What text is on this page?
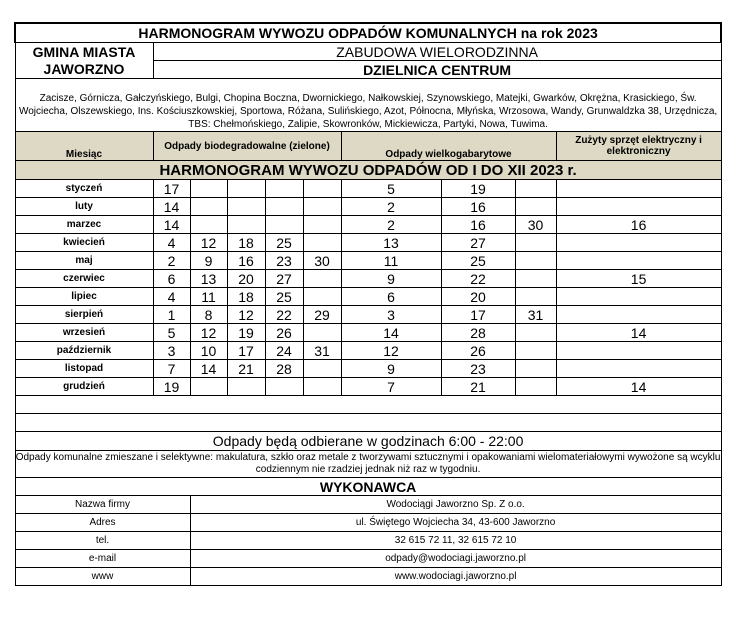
HARMONOGRAM WYWOZU ODPADÓW KOMUNALNYCH na rok 2023									

GMINA MIASTA
JAWORZNO	ZABUDOWA WIELORODZINNA								
	DZIELNICA CENTRUM								
Zacisze, Górnicza, Gałczyńskiego, Bulgi, Chopina Boczna, Dwornickiego, Nałkowskiej, Szynowskiego, Matejki, Gwarków, Okrężna, Krasickiego, Św. Wojciecha, Olszewskiego, Ins. Kościuszkowskiej, Sportowa, Różana, Sulińskiego, Azot, Północna, Młyńska, Wrzosowa, Wandy, Grunwaldzka 38, Urzędnicza, TBS: Chełmońskiego, Zalipie, Skowronków, Mickiewicza, Partyki, Nowa, Tuwima.									
Miesiąc	Odpady biodegradowalne (zielone)					Odpady wielkogabarytowe			Zużyty sprzęt elektryczny i elektroniczny
HARMONOGRAM WYWOZU ODPADÓW OD I DO XII 2023 r.									
styczeń	17					5	19		
luty	14					2	16		
marzec	14					2	16	30	16
kwiecień	4	12	18	25		13	27		
maj	2	9	16	23	30	11	25		
czerwiec	6	13	20	27		9	22		15
lipiec	4	11	18	25		6	20		
sierpień	1	8	12	22	29	3	17	31	
wrzesień	5	12	19	26		14	28		14
październik	3	10	17	24	31	12	26		
listopad	7	14	21	28		9	23		
grudzień	19					7	21		14

Odpady będą odbierane w godzinach 6:00 - 22:00									
Odpady komunalne zmieszane i selektywne: makulatura, szkło oraz metale z tworzywami sztucznymi i opakowaniami wielomateriałowymi wywożone są wcyklu codziennym nie rzadziej jednak niż raz w tygodniu.									
WYKONAWCA									
Nazwa firmy		Wodociągi Jaworzno Sp. Z o.o.							
Adres		ul. Świętego Wojciecha 34, 43-600 Jaworzno							
tel.		32 615 72 11, 32 615 72 10							
e-mail		odpady@wodociagi.jaworzno.pl							
www		www.wodociagi.jaworzno.pl							
